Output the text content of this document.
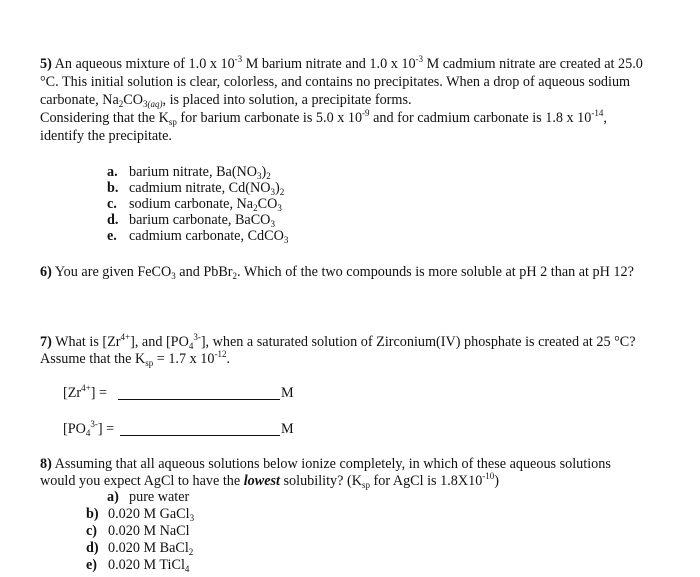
5) An aqueous mixture of 1.0 x $10^{-3}$ M barium nitrate and 1.0 x $10^{-3}$ M cadmium nitrate are created at 25.0
°C. This initial solution is clear, colorless, and contains no precipitates. When a drop of aqueous sodium
carbonate, $Na_2CO_{3(aq)}$, is placed into solution, a precipitate forms.
Considering that the $K_{sp}$ for barium carbonate is 5.0 x $10^{-9}$ and for cadmium carbonate is 1.8 x $10^{-14}$,
identify the precipitate.
a. barium nitrate, $Ba(NO_3)_2$
b. cadmium nitrate, $Cd(NO_3)_2$
c. sodium carbonate, $Na_2CO_3$
d. barium carbonate, BaCO$_3$
e. cadmium carbonate, CdCO$_3$
6) You are given FeCO$_3$ and PbBr$_2$. Which of the two compounds is more soluble at pH 2 than at pH 12?
7) What is $[Zr^{4+}]$, and $[PO_4^{3-}]$, when a saturated solution of Zirconium(IV) phosphate is created at 25 °C?
Assume that the $K_{sp} = 1.7$ x $10^{-12}$.
$[Zr^{4+}]$ =	M
$[PO_4^{3-}]$ =	M
8) Assuming that all aqueous solutions below ionize completely, in which of these aqueous solutions
would you expect AgCl to have the lowest solubility? ($K_{sp}$ for AgCl is $1.8X10^{-10}$)
a) pure water
b) 0.020 M GaCl$_3$
c) 0.020 M NaCl
d) 0.020 M BaCl$_2$
e) 0.020 M TiCl$_4$
